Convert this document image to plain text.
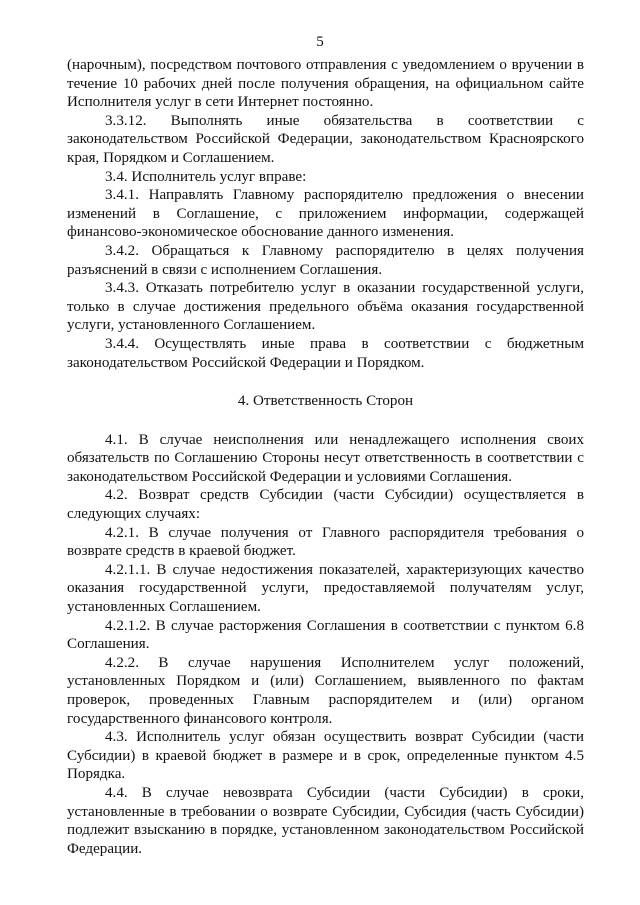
5

(нарочным), посредством почтового отправления с уведомлением о вручении в течение 10 рабочих дней после получения обращения, на официальном сайте Исполнителя услуг в сети Интернет постоянно.

3.3.12. Выполнять иные обязательства в соответствии с законодательством Российской Федерации, законодательством Красноярского края, Порядком и Соглашением.

3.4. Исполнитель услуг вправе:

3.4.1. Направлять Главному распорядителю предложения о внесении изменений в Соглашение, с приложением информации, содержащей финансово-экономическое обоснование данного изменения.

3.4.2. Обращаться к Главному распорядителю в целях получения разъяснений в связи с исполнением Соглашения.

3.4.3. Отказать потребителю услуг в оказании государственной услуги, только в случае достижения предельного объёма оказания государственной услуги, установленного Соглашением.

3.4.4. Осуществлять иные права в соответствии с бюджетным законодательством Российской Федерации и Порядком.

4. Ответственность Сторон

4.1. В случае неисполнения или ненадлежащего исполнения своих обязательств по Соглашению Стороны несут ответственность в соответствии с законодательством Российской Федерации и условиями Соглашения.

4.2. Возврат средств Субсидии (части Субсидии) осуществляется в следующих случаях:

4.2.1. В случае получения от Главного распорядителя требования о возврате средств в краевой бюджет.

4.2.1.1. В случае недостижения показателей, характеризующих качество оказания государственной услуги, предоставляемой получателям услуг, установленных Соглашением.

4.2.1.2. В случае расторжения Соглашения в соответствии с пунктом 6.8 Соглашения.

4.2.2. В случае нарушения Исполнителем услуг положений, установленных Порядком и (или) Соглашением, выявленного по фактам проверок, проведенных Главным распорядителем и (или) органом государственного финансового контроля.

4.3. Исполнитель услуг обязан осуществить возврат Субсидии (части Субсидии) в краевой бюджет в размере и в срок, определенные пунктом 4.5 Порядка.

4.4. В случае невозврата Субсидии (части Субсидии) в сроки, установленные в требовании о возврате Субсидии, Субсидия (часть Субсидии) подлежит взысканию в порядке, установленном законодательством Российской Федерации.
